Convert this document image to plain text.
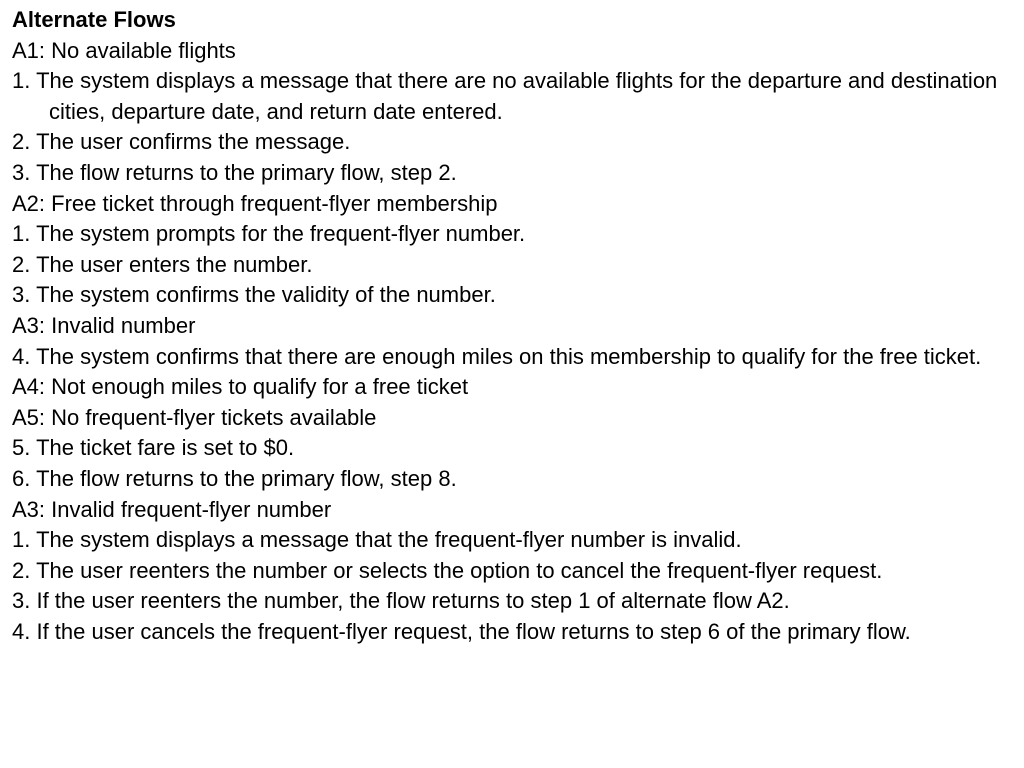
Alternate Flows
A1: No available flights
1. The system displays a message that there are no available flights for the departure and destination cities, departure date, and return date entered.
2. The user confirms the message.
3. The flow returns to the primary flow, step 2.
A2: Free ticket through frequent-flyer membership
1. The system prompts for the frequent-flyer number.
2. The user enters the number.
3. The system confirms the validity of the number.
A3: Invalid number
4. The system confirms that there are enough miles on this membership to qualify for the free ticket.
A4: Not enough miles to qualify for a free ticket
A5: No frequent-flyer tickets available
5. The ticket fare is set to $0.
6. The flow returns to the primary flow, step 8.
A3: Invalid frequent-flyer number
1. The system displays a message that the frequent-flyer number is invalid.
2. The user reenters the number or selects the option to cancel the frequent-flyer request.
3. If the user reenters the number, the flow returns to step 1 of alternate flow A2.
4. If the user cancels the frequent-flyer request, the flow returns to step 6 of the primary flow.
